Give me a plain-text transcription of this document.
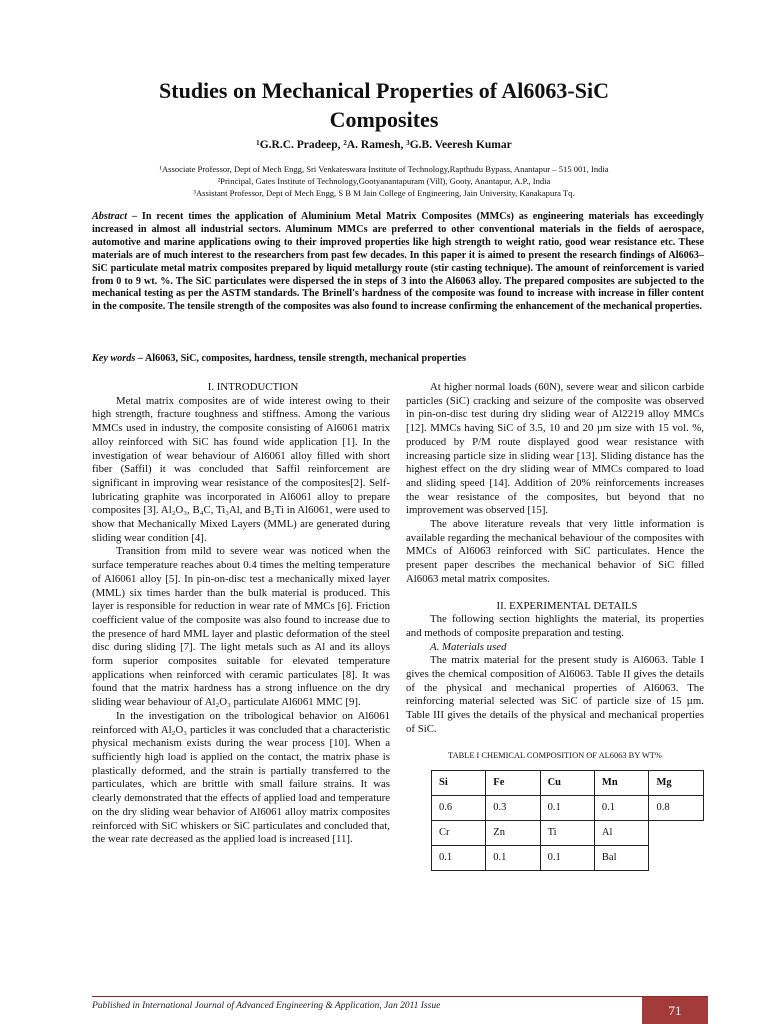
Studies on Mechanical Properties of Al6063-SiC
Composites
¹G.R.C. Pradeep, ²A. Ramesh, ³G.B. Veeresh Kumar
¹Associate Professor, Dept of Mech Engg, Sri Venkateswara Institute of Technology,Rapthudu Bypass, Anantapur – 515 001, India
²Principal, Gates Institute of Technology,Gootyanantapuram (Vill), Gooty, Anantapur, A.P., India
³Assistant Professor, Dept of Mech Engg, S B M Jain College of Engineering, Jain University, Kanakapura Tq.
Abstract – In recent times the application of Aluminium Metal Matrix Composites (MMCs) as engineering materials has exceedingly increased in almost all industrial sectors. Aluminum MMCs are preferred to other conventional materials in the fields of aerospace, automotive and marine applications owing to their improved properties like high strength to weight ratio, good wear resistance etc. These materials are of much interest to the researchers from past few decades. In this paper it is aimed to present the research findings of Al6063–SiC particulate metal matrix composites prepared by liquid metallurgy route (stir casting technique). The amount of reinforcement is varied from 0 to 9 wt. %. The SiC particulates were dispersed the in steps of 3 into the Al6063 alloy. The prepared composites are subjected to the mechanical testing as per the ASTM standards. The Brinell's hardness of the composite was found to increase with increase in filler content in the composite. The tensile strength of the composites was also found to increase confirming the enhancement of the mechanical properties.
Key words – Al6063, SiC, composites, hardness, tensile strength, mechanical properties

I. INTRODUCTION

Metal matrix composites are of wide interest owing to their high strength, fracture toughness and stiffness. Among the various MMCs used in industry, the composite consisting of Al6061 matrix alloy reinforced with SiC has found wide application [1]. In the investigation of wear behaviour of Al6061 alloy filled with short fiber (Saffil) it was concluded that Saffil reinforcement are significant in improving wear resistance of the composites[2]. Self-lubricating graphite was incorporated in Al6061 alloy to prepare composites [3]. Al₂O₃, B₄C, Ti₃Al, and B₂Ti in Al6061, were used to show that Mechanically Mixed Layers (MML) are generated during sliding wear condition [4].

Transition from mild to severe wear was noticed when the surface temperature reaches about 0.4 times the melting temperature of Al6061 alloy [5]. In pin-on-disc test a mechanically mixed layer (MML) six times harder than the bulk material is produced. This layer is responsible for reduction in wear rate of MMCs [6]. Friction coefficient value of the composite was also found to increase due to the presence of hard MML layer and plastic deformation of the steel disc during sliding [7]. The light metals such as Al and its alloys form superior composites suitable for elevated temperature applications when reinforced with ceramic particulates [8]. It was found that the matrix hardness has a strong influence on the dry sliding wear behaviour of Al₂O₃ particulate Al6061 MMC [9].

In the investigation on the tribological behavior on Al6061 reinforced with Al₂O₃ particles it was concluded that a characteristic physical mechanism exists during the wear process [10]. When a sufficiently high load is applied on the contact, the matrix phase is plastically deformed, and the strain is partially transferred to the particulates, which are brittle with small failure strains. It was clearly demonstrated that the effects of applied load and temperature on the dry sliding wear behavior of Al6061 alloy matrix composites reinforced with SiC whiskers or SiC particulates and concluded that, the wear rate decreased as the applied load is increased [11].

At higher normal loads (60N), severe wear and silicon carbide particles (SiC) cracking and seizure of the composite was observed in pin-on-disc test during dry sliding wear of Al2219 alloy MMCs [12]. MMCs having SiC of 3.5, 10 and 20 µm size with 15 vol. %, produced by P/M route displayed good wear resistance with increasing particle size in sliding wear [13]. Sliding distance has the highest effect on the dry sliding wear of MMCs compared to load and sliding speed [14]. Addition of 20% reinforcements increases the wear resistance of the composites, but beyond that no improvement was observed [15].

The above literature reveals that very little information is available regarding the mechanical behaviour of the composites with MMCs of Al6063 reinforced with SiC particulates. Hence the present paper describes the mechanical behavior of SiC filled Al6063 metal matrix composites.

II. EXPERIMENTAL DETAILS

The following section highlights the material, its properties and methods of composite preparation and testing.

A. Materials used

The matrix material for the present study is Al6063. Table I gives the chemical composition of Al6063. Table II gives the details of the physical and mechanical properties of Al6063. The reinforcing material selected was SiC of particle size of 15 µm. Table III gives the details of the physical and mechanical properties of SiC.

TABLE I CHEMICAL COMPOSITION OF AL6063 BY WT%
Si	Fe	Cu	Mn	Mg
0.6	0.3	0.1	0.1	0.8
Cr	Zn	Ti	Al	
0.1	0.1	0.1	Bal	
Published in International Journal of Advanced Engineering & Application, Jan 2011 Issue	71
